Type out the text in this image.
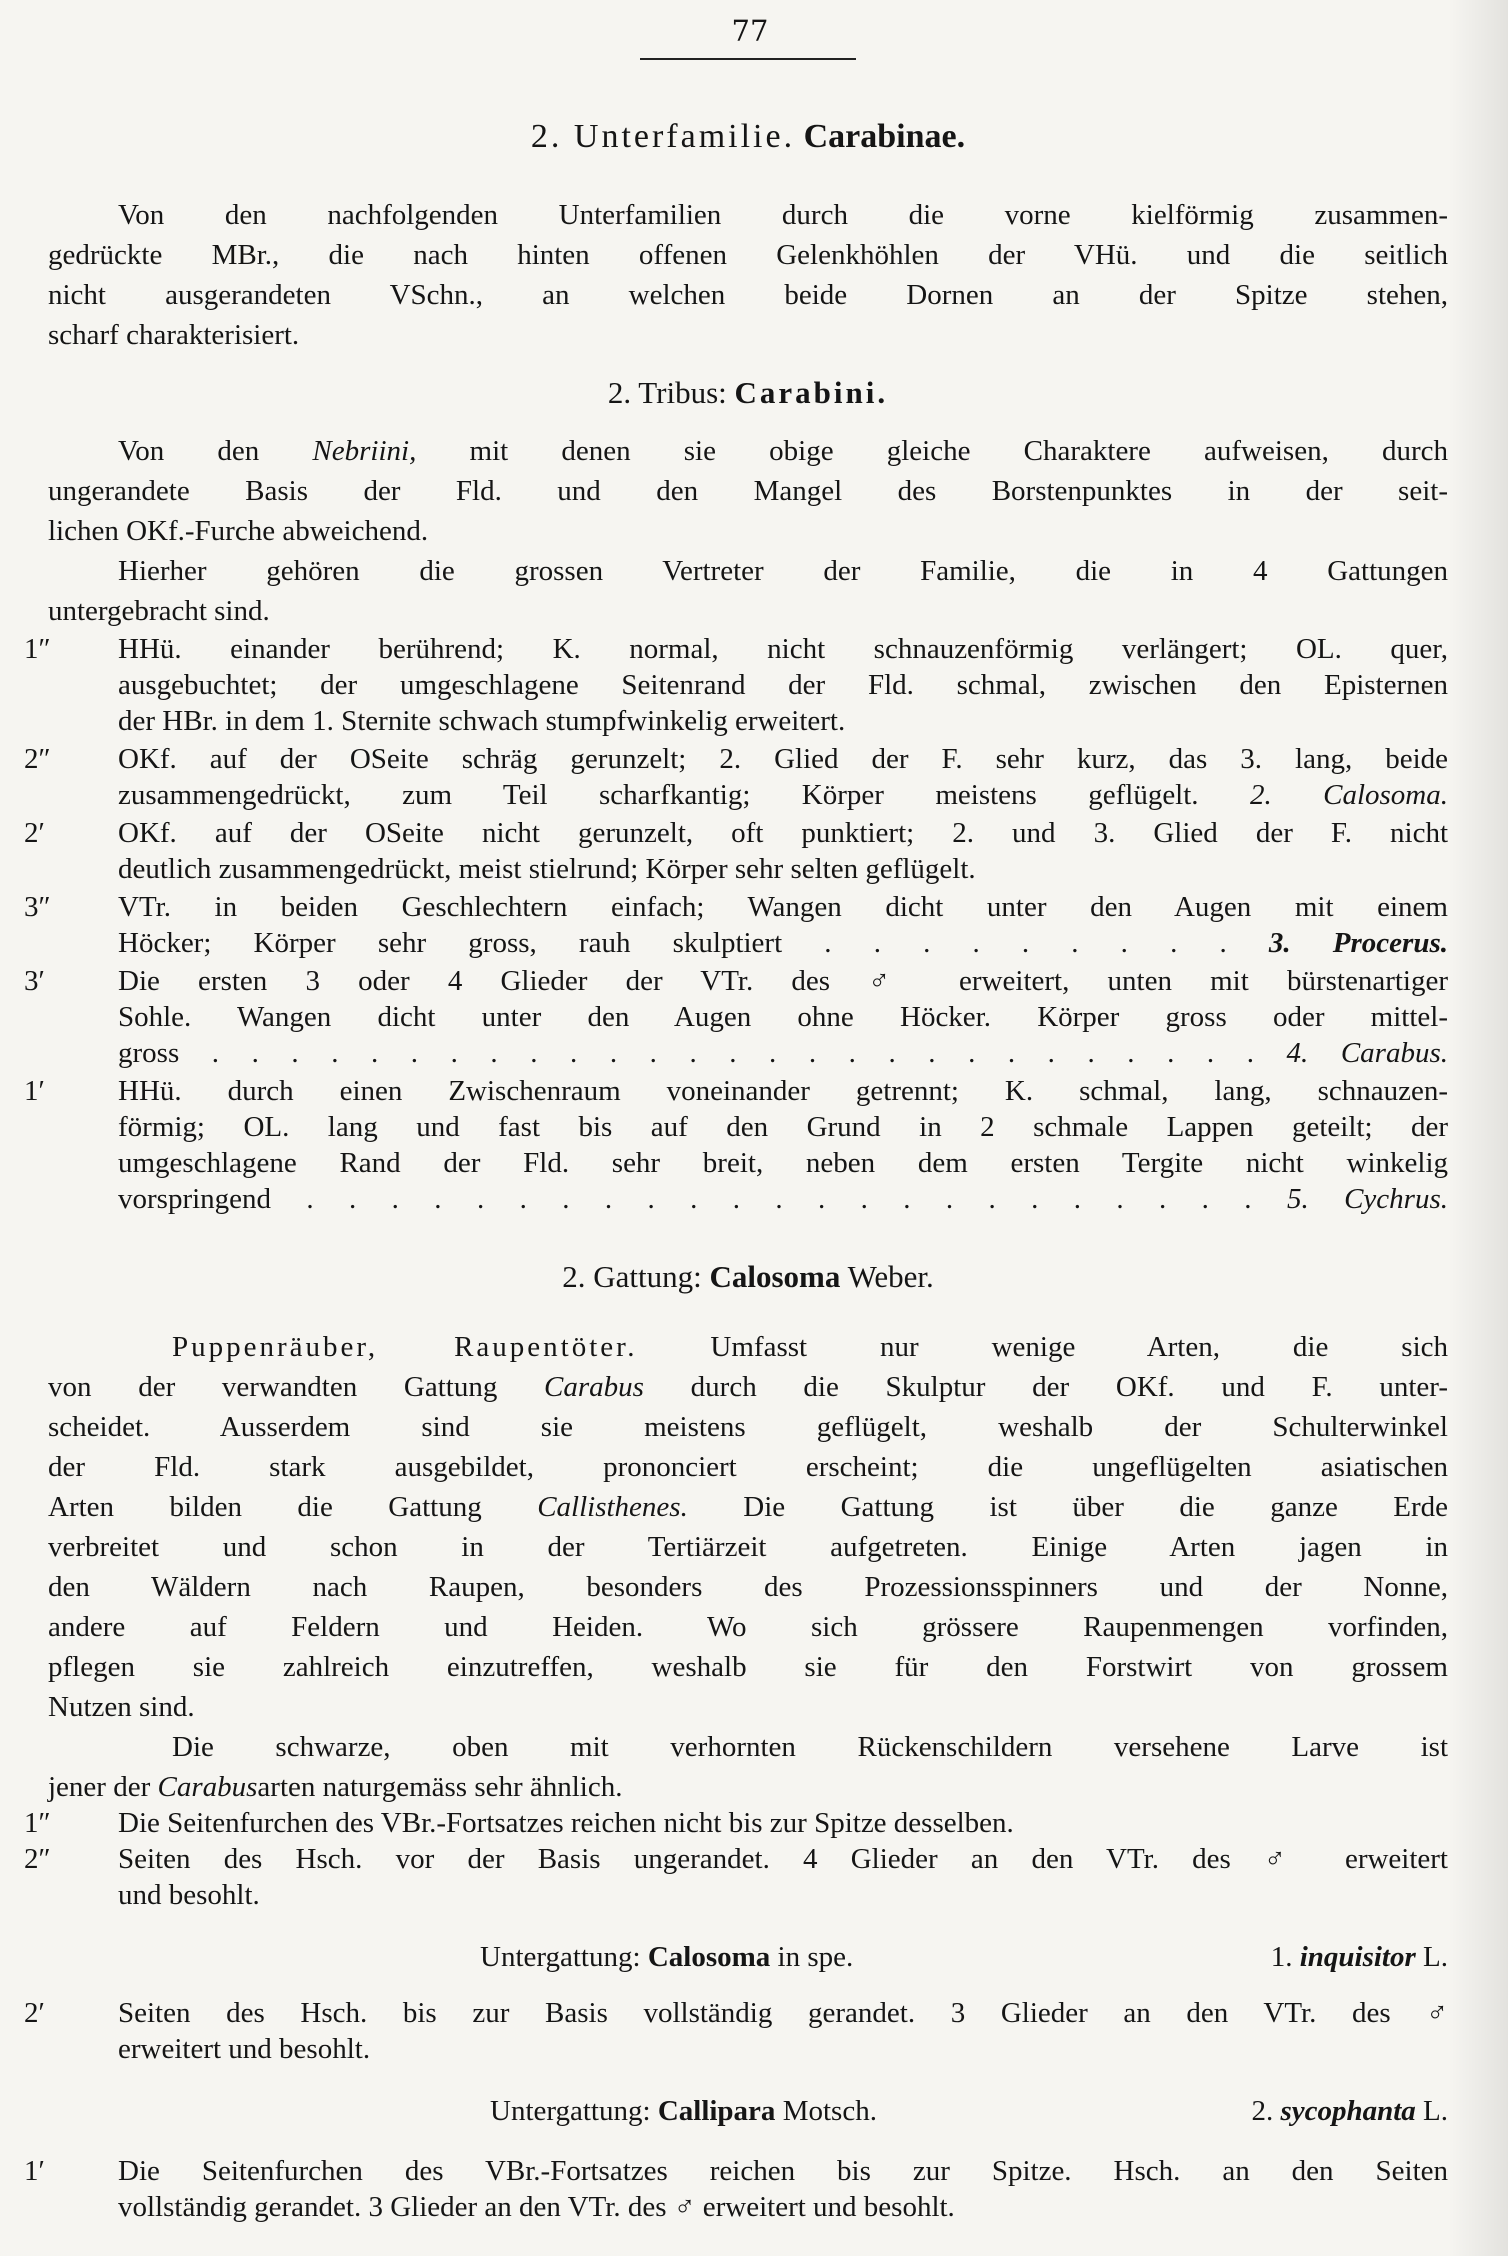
77
2. Unterfamilie. Carabinae.
Von den nachfolgenden Unterfamilien durch die vorne kielförmig zusammen-
gedrückte MBr., die nach hinten offenen Gelenkhöhlen der VHü. und die seitlich
nicht ausgerandeten VSchn., an welchen beide Dornen an der Spitze stehen,
scharf charakterisiert.
2. Tribus: Carabini.
Von den Nebriini, mit denen sie obige gleiche Charaktere aufweisen, durch
ungerandete Basis der Fld. und den Mangel des Borstenpunktes in der seit-
lichen OKf.-Furche abweichend.
Hierher gehören die grossen Vertreter der Familie, die in 4 Gattungen
untergebracht sind.
1″	HHü. einander berührend; K. normal, nicht schnauzenförmig verlängert; OL. quer,
ausgebuchtet; der umgeschlagene Seitenrand der Fld. schmal, zwischen den Episternen
der HBr. in dem 1. Sternite schwach stumpfwinkelig erweitert.
2″	OKf. auf der OSeite schräg gerunzelt; 2. Glied der F. sehr kurz, das 3. lang, beide
zusammengedrückt, zum Teil scharfkantig; Körper meistens geflügelt. 2. Calosoma.
2′	OKf. auf der OSeite nicht gerunzelt, oft punktiert; 2. und 3. Glied der F. nicht
deutlich zusammengedrückt, meist stielrund; Körper sehr selten geflügelt.
3″	VTr. in beiden Geschlechtern einfach; Wangen dicht unter den Augen mit einem
Höcker; Körper sehr gross, rauh skulptiert . . . . . . . . . 3. Procerus.
3′	Die ersten 3 oder 4 Glieder der VTr. des ♂ erweitert, unten mit bürstenartiger
Sohle. Wangen dicht unter den Augen ohne Höcker. Körper gross oder mittel-
gross . . . . . . . . . . . . . . . . . . . . . . . . . . . 4. Carabus.
1′	HHü. durch einen Zwischenraum voneinander getrennt; K. schmal, lang, schnauzen-
förmig; OL. lang und fast bis auf den Grund in 2 schmale Lappen geteilt; der
umgeschlagene Rand der Fld. sehr breit, neben dem ersten Tergite nicht winkelig
vorspringend . . . . . . . . . . . . . . . . . . . . . . . 5. Cychrus.
2. Gattung: Calosoma Weber.
Puppenräuber, Raupentöter.	Umfasst nur wenige Arten, die sich
von der verwandten Gattung Carabus durch die Skulptur der OKf. und F. unter-
scheidet. Ausserdem sind sie meistens geflügelt, weshalb der Schulterwinkel
der Fld. stark ausgebildet, prononciert erscheint; die ungeflügelten asiatischen
Arten bilden die Gattung Callisthenes. Die Gattung ist über die ganze Erde
verbreitet und schon in der Tertiärzeit aufgetreten. Einige Arten jagen in
den Wäldern nach Raupen, besonders des Prozessionsspinners und der Nonne,
andere auf Feldern und Heiden. Wo sich grössere Raupenmengen vorfinden,
pflegen sie zahlreich einzutreffen, weshalb sie für den Forstwirt von grossem
Nutzen sind.
Die schwarze, oben mit verhornten Rückenschildern versehene Larve ist
jener der Carabusarten naturgemäss sehr ähnlich.
1″	Die Seitenfurchen des VBr.-Fortsatzes reichen nicht bis zur Spitze desselben.
2″	Seiten des Hsch. vor der Basis ungerandet. 4 Glieder an den VTr. des ♂ erweitert
und besohlt.
Untergattung: Calosoma in spe.	1. inquisitor L.
2′	Seiten des Hsch. bis zur Basis vollständig gerandet. 3 Glieder an den VTr. des ♂
erweitert und besohlt.
Untergattung: Callipara Motsch.	2. sycophanta L.
1′	Die Seitenfurchen des VBr.-Fortsatzes reichen bis zur Spitze. Hsch. an den Seiten
vollständig gerandet. 3 Glieder an den VTr. des ♂ erweitert und besohlt.
